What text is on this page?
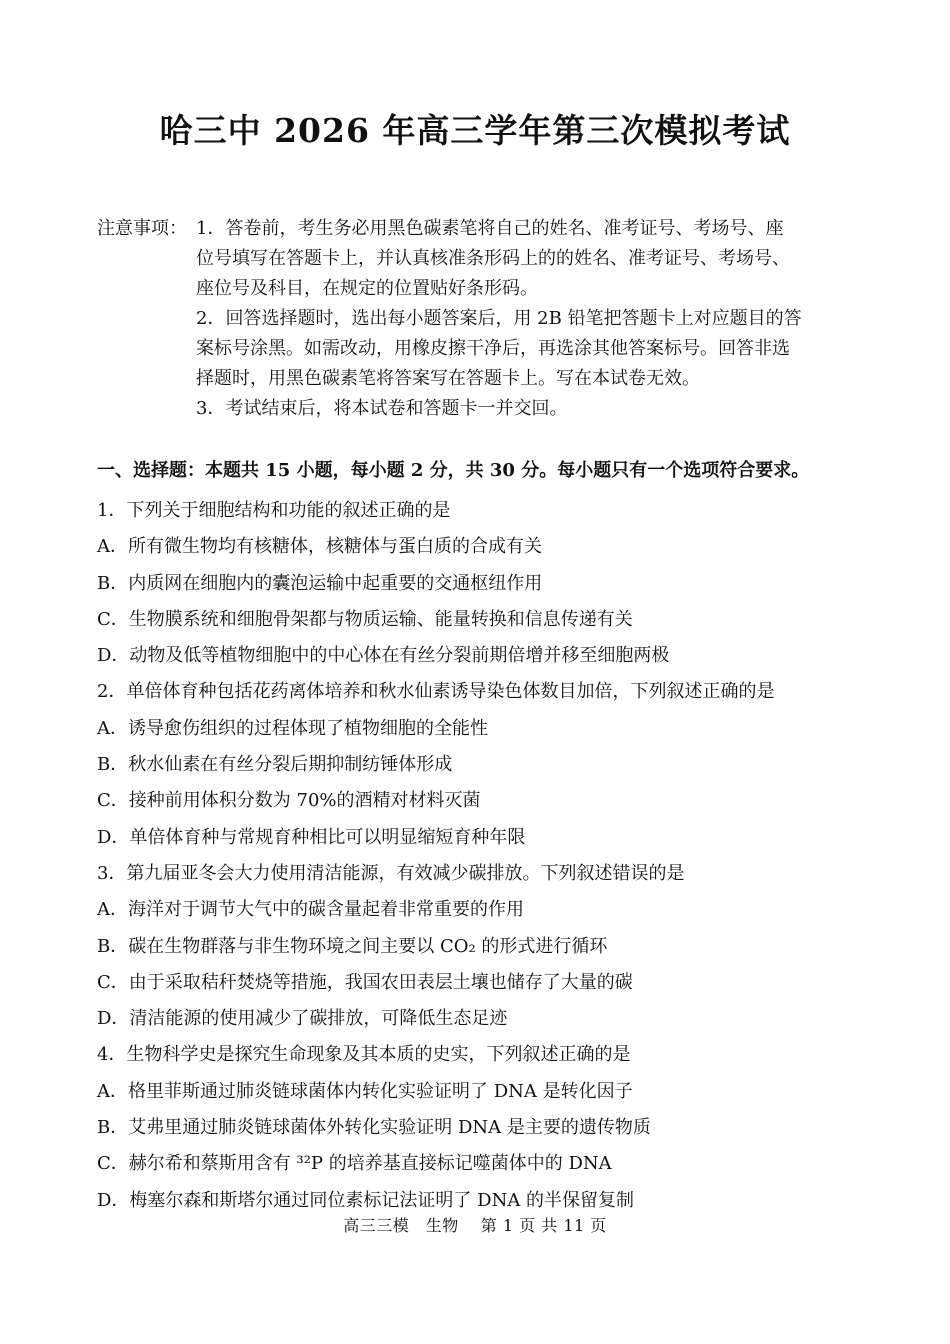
哈三中 2026 年高三学年第三次模拟考试
注意事项： 1．答卷前，考生务必用黑色碳素笔将自己的姓名、准考证号、考场号、座
位号填写在答题卡上，并认真核准条形码上的的姓名、准考证号、考场号、
座位号及科目，在规定的位置贴好条形码。
2．回答选择题时，选出每小题答案后，用 2B 铅笔把答题卡上对应题目的答
案标号涂黑。如需改动，用橡皮擦干净后，再选涂其他答案标号。回答非选
择题时，用黑色碳素笔将答案写在答题卡上。写在本试卷无效。
3．考试结束后，将本试卷和答题卡一并交回。
一、选择题：本题共 15 小题，每小题 2 分，共 30 分。每小题只有一个选项符合要求。
1．下列关于细胞结构和功能的叙述正确的是
A．所有微生物均有核糖体，核糖体与蛋白质的合成有关
B．内质网在细胞内的囊泡运输中起重要的交通枢纽作用
C．生物膜系统和细胞骨架都与物质运输、能量转换和信息传递有关
D．动物及低等植物细胞中的中心体在有丝分裂前期倍增并移至细胞两极
2．单倍体育种包括花药离体培养和秋水仙素诱导染色体数目加倍，下列叙述正确的是
A．诱导愈伤组织的过程体现了植物细胞的全能性
B．秋水仙素在有丝分裂后期抑制纺锤体形成
C．接种前用体积分数为 70%的酒精对材料灭菌
D．单倍体育种与常规育种相比可以明显缩短育种年限
3．第九届亚冬会大力使用清洁能源，有效减少碳排放。下列叙述错误的是
A．海洋对于调节大气中的碳含量起着非常重要的作用
B．碳在生物群落与非生物环境之间主要以 CO₂ 的形式进行循环
C．由于采取秸秆焚烧等措施，我国农田表层土壤也储存了大量的碳
D．清洁能源的使用减少了碳排放，可降低生态足迹
4．生物科学史是探究生命现象及其本质的史实，下列叙述正确的是
A．格里菲斯通过肺炎链球菌体内转化实验证明了 DNA 是转化因子
B．艾弗里通过肺炎链球菌体外转化实验证明 DNA 是主要的遗传物质
C．赫尔希和蔡斯用含有 ³²P 的培养基直接标记噬菌体中的 DNA
D．梅塞尔森和斯塔尔通过同位素标记法证明了 DNA 的半保留复制
高三三模　生物　 第 1 页 共 11 页
